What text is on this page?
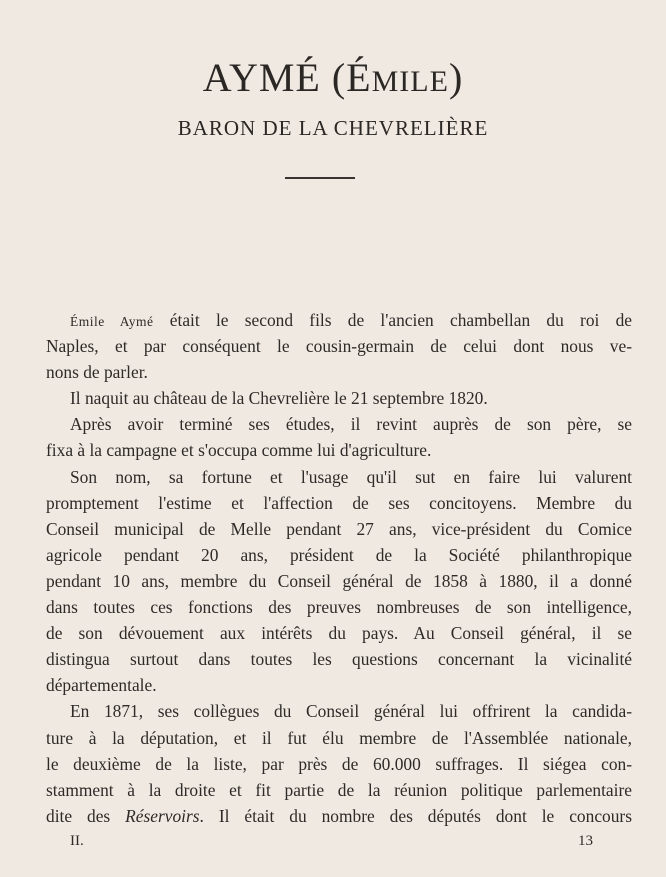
AYMÉ (ÉMILE)
BARON DE LA CHEVRELIÈRE
Émile Aymé était le second fils de l'ancien chambellan du roi de
Naples, et par conséquent le cousin-germain de celui dont nous ve-
nons de parler.
Il naquit au château de la Chevrelière le 21 septembre 1820.
Après avoir terminé ses études, il revint auprès de son père, se
fixa à la campagne et s'occupa comme lui d'agriculture.
Son nom, sa fortune et l'usage qu'il sut en faire lui valurent
promptement l'estime et l'affection de ses concitoyens. Membre du
Conseil municipal de Melle pendant 27 ans, vice-président du Comice
agricole pendant 20 ans, président de la Société philanthropique
pendant 10 ans, membre du Conseil général de 1858 à 1880, il a donné
dans toutes ces fonctions des preuves nombreuses de son intelligence,
de son dévouement aux intérêts du pays. Au Conseil général, il se
distingua surtout dans toutes les questions concernant la vicinalité
départementale.
En 1871, ses collègues du Conseil général lui offrirent la candida-
ture à la députation, et il fut élu membre de l'Assemblée nationale,
le deuxième de la liste, par près de 60.000 suffrages. Il siégea con-
stamment à la droite et fit partie de la réunion politique parlementaire
dite des Réservoirs. Il était du nombre des députés dont le concours
II.	13
